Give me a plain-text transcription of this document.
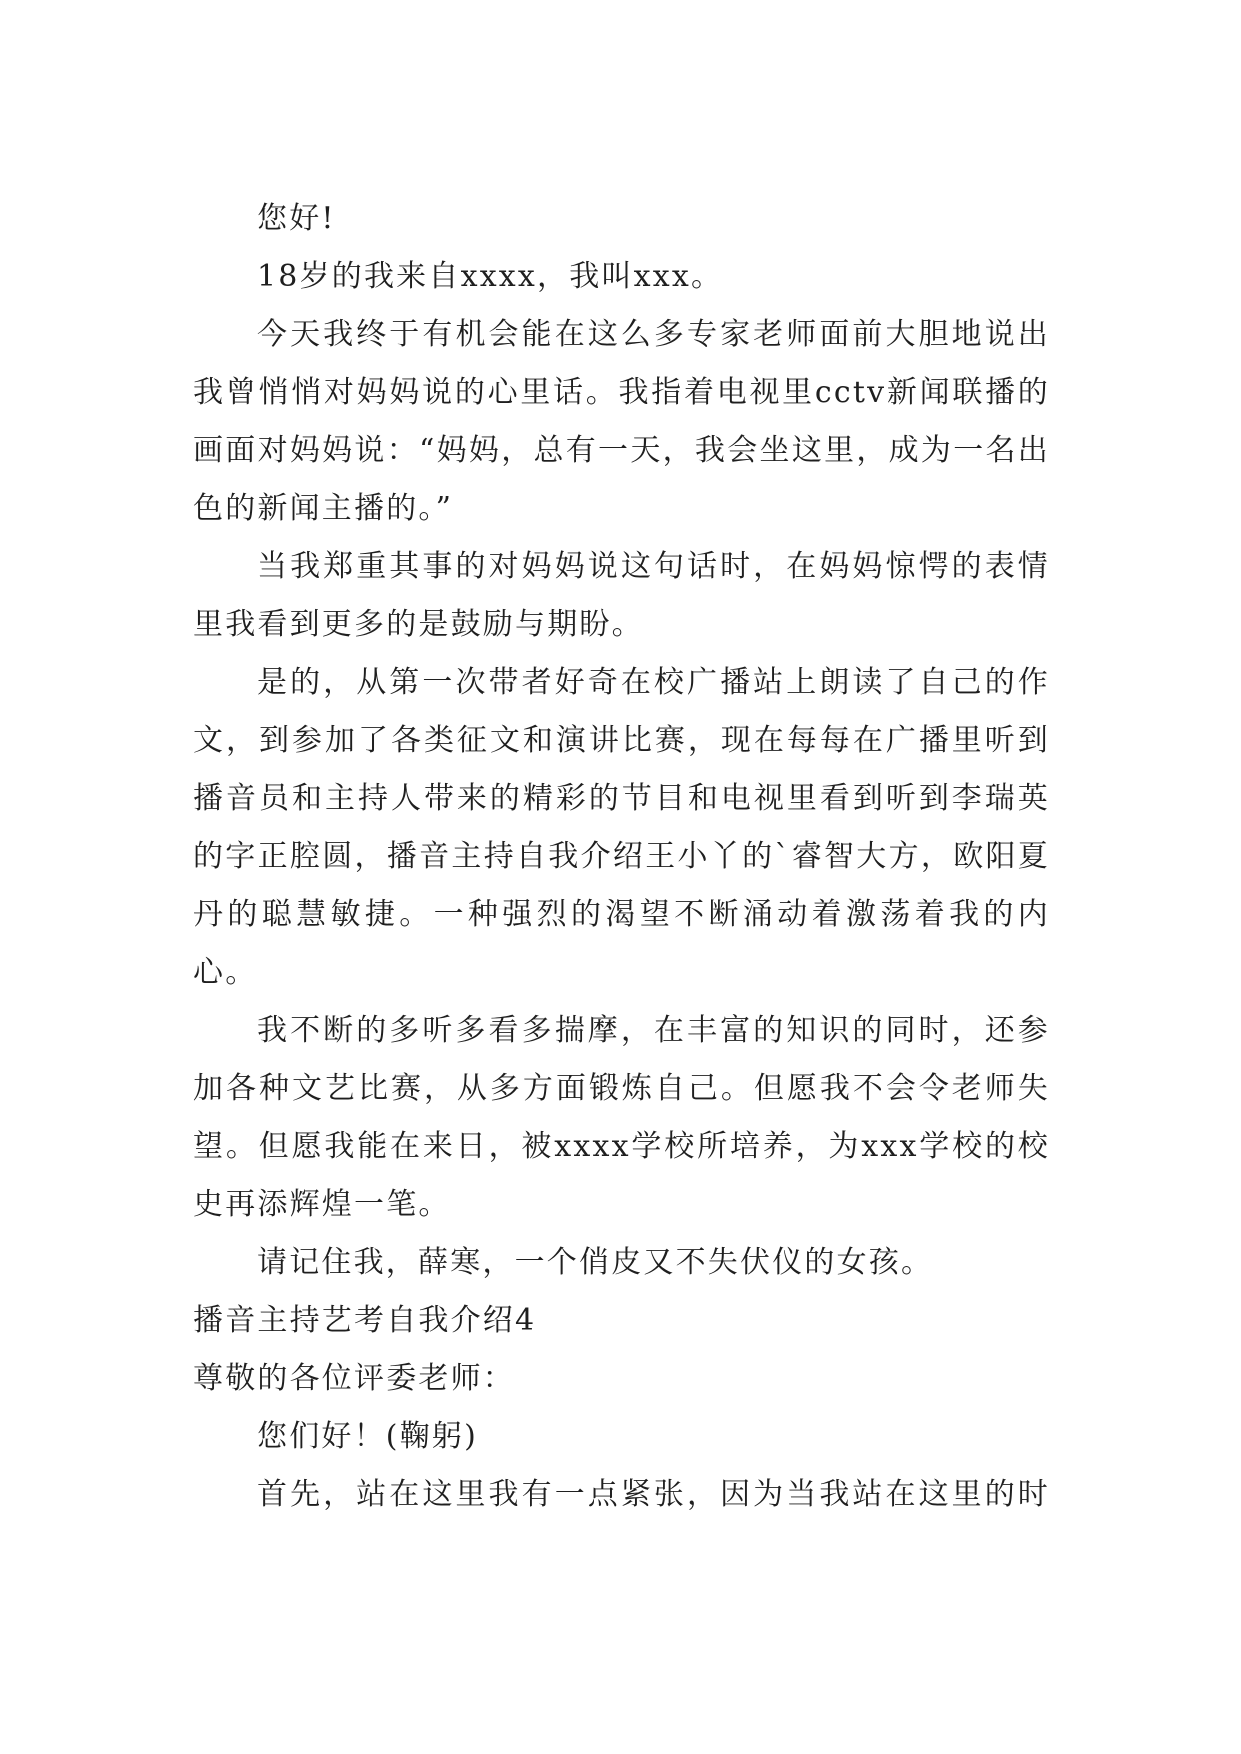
您好!

18岁的我来自xxxx，我叫xxx。

今天我终于有机会能在这么多专家老师面前大胆地说出我曾悄悄对妈妈说的心里话。我指着电视里cctv新闻联播的画面对妈妈说：“妈妈，总有一天，我会坐这里，成为一名出色的新闻主播的。”

当我郑重其事的对妈妈说这句话时，在妈妈惊愕的表情里我看到更多的是鼓励与期盼。

是的，从第一次带者好奇在校广播站上朗读了自己的作文，到参加了各类征文和演讲比赛，现在每每在广播里听到播音员和主持人带来的精彩的节目和电视里看到听到李瑞英的字正腔圆，播音主持自我介绍王小丫的`睿智大方，欧阳夏丹的聪慧敏捷。一种强烈的渴望不断涌动着激荡着我的内心。

我不断的多听多看多揣摩，在丰富的知识的同时，还参加各种文艺比赛，从多方面锻炼自己。但愿我不会令老师失望。但愿我能在来日，被xxxx学校所培养，为xxx学校的校史再添辉煌一笔。

请记住我，薛寒，一个俏皮又不失伏仪的女孩。

播音主持艺考自我介绍4

尊敬的各位评委老师：

您们好！(鞠躬)

首先，站在这里我有一点紧张，因为当我站在这里的时
